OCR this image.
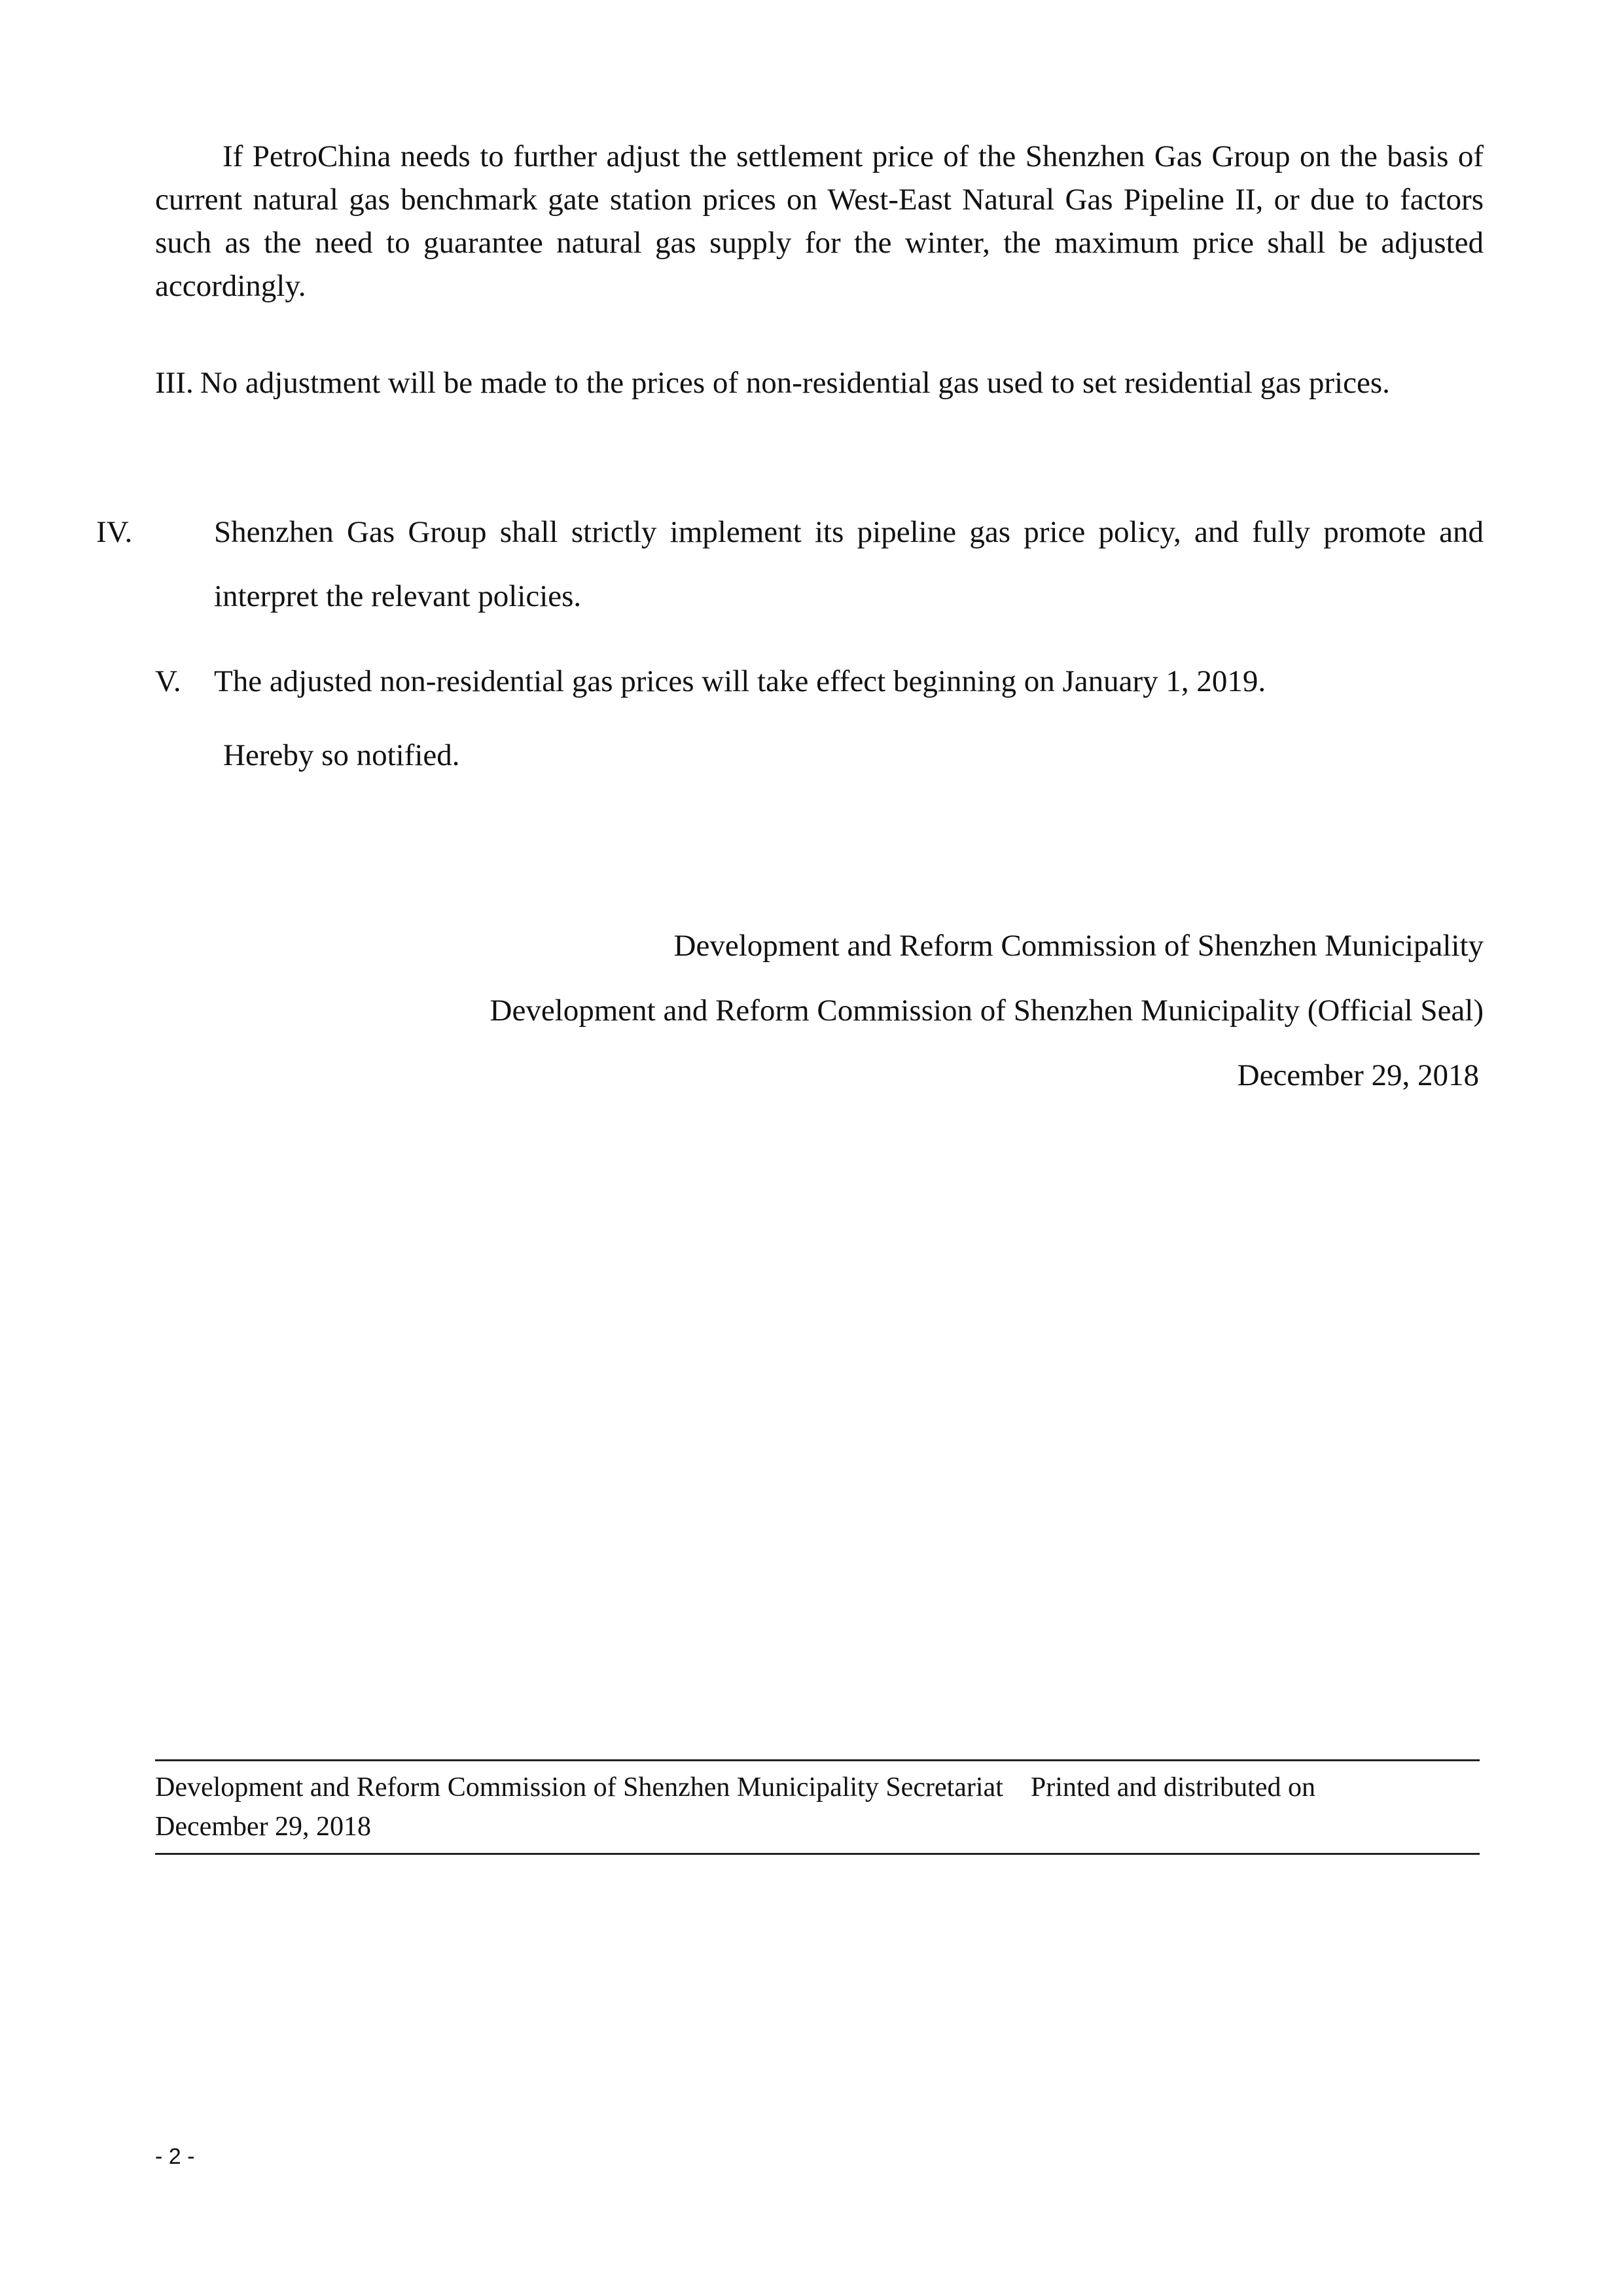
If PetroChina needs to further adjust the settlement price of the Shenzhen Gas Group on the basis of current natural gas benchmark gate station prices on West-East Natural Gas Pipeline II, or due to factors such as the need to guarantee natural gas supply for the winter, the maximum price shall be adjusted accordingly.

III. No adjustment will be made to the prices of non-residential gas used to set residential gas prices.
IV.	Shenzhen Gas Group shall strictly implement its pipeline gas price policy, and fully promote and interpret the relevant policies.
V. The adjusted non-residential gas prices will take effect beginning on January 1, 2019.
Hereby so notified.
Development and Reform Commission of Shenzhen Municipality
Development and Reform Commission of Shenzhen Municipality (Official Seal)
December 29, 2018
Development and Reform Commission of Shenzhen Municipality Secretariat Printed and distributed on
December 29, 2018
- 2 -
